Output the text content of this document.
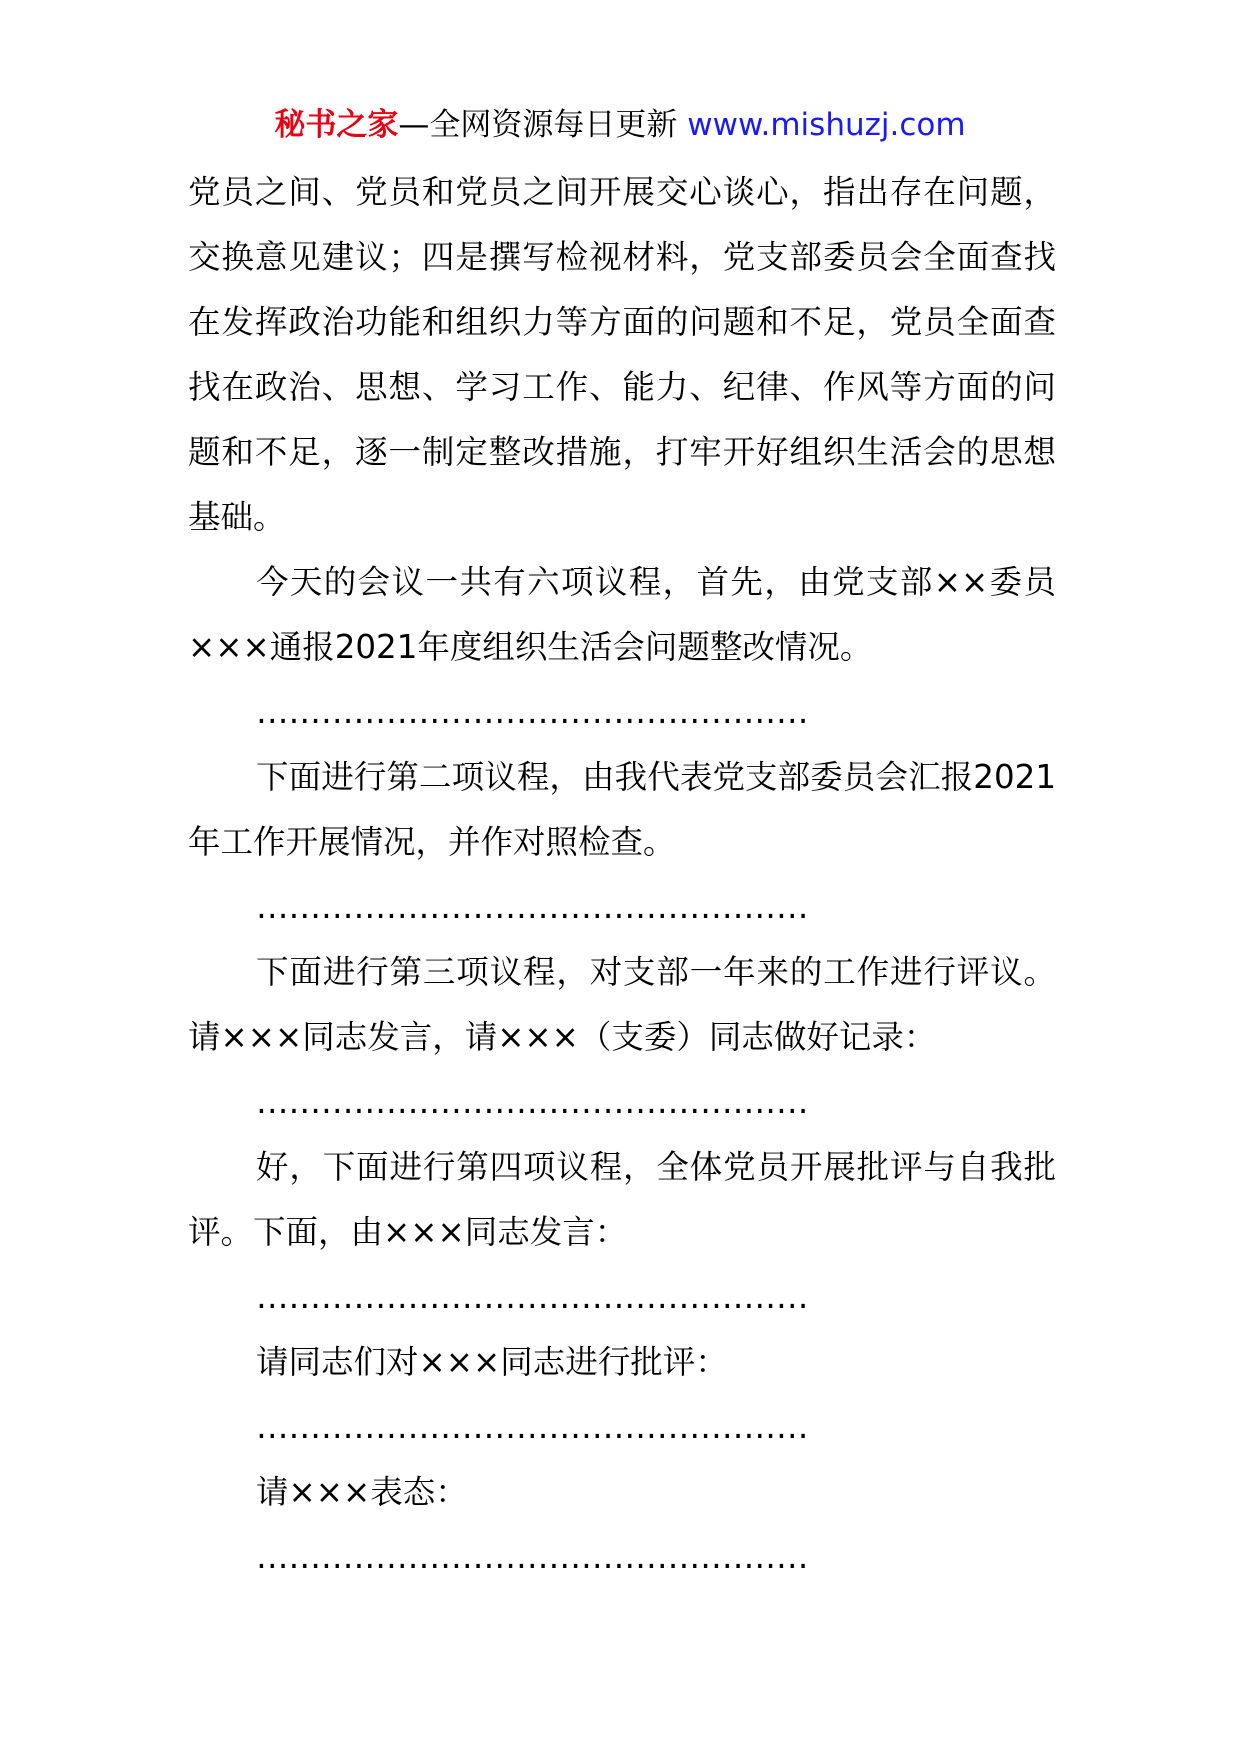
秘书之家—全网资源每日更新 www.mishuzj.com

党员之间、党员和党员之间开展交心谈心，指出存在问题，交换意见建议；四是撰写检视材料，党支部委员会全面查找在发挥政治功能和组织力等方面的问题和不足，党员全面查找在政治、思想、学习工作、能力、纪律、作风等方面的问题和不足，逐一制定整改措施，打牢开好组织生活会的思想基础。

今天的会议一共有六项议程，首先，由党支部××委员×××通报2021年度组织生活会问题整改情况。

……………………………………………

下面进行第二项议程，由我代表党支部委员会汇报2021年工作开展情况，并作对照检查。

……………………………………………

下面进行第三项议程，对支部一年来的工作进行评议。请×××同志发言，请×××（支委）同志做好记录：

……………………………………………

好，下面进行第四项议程，全体党员开展批评与自我批评。下面，由×××同志发言：

……………………………………………

请同志们对×××同志进行批评：

……………………………………………

请×××表态：

……………………………………………
